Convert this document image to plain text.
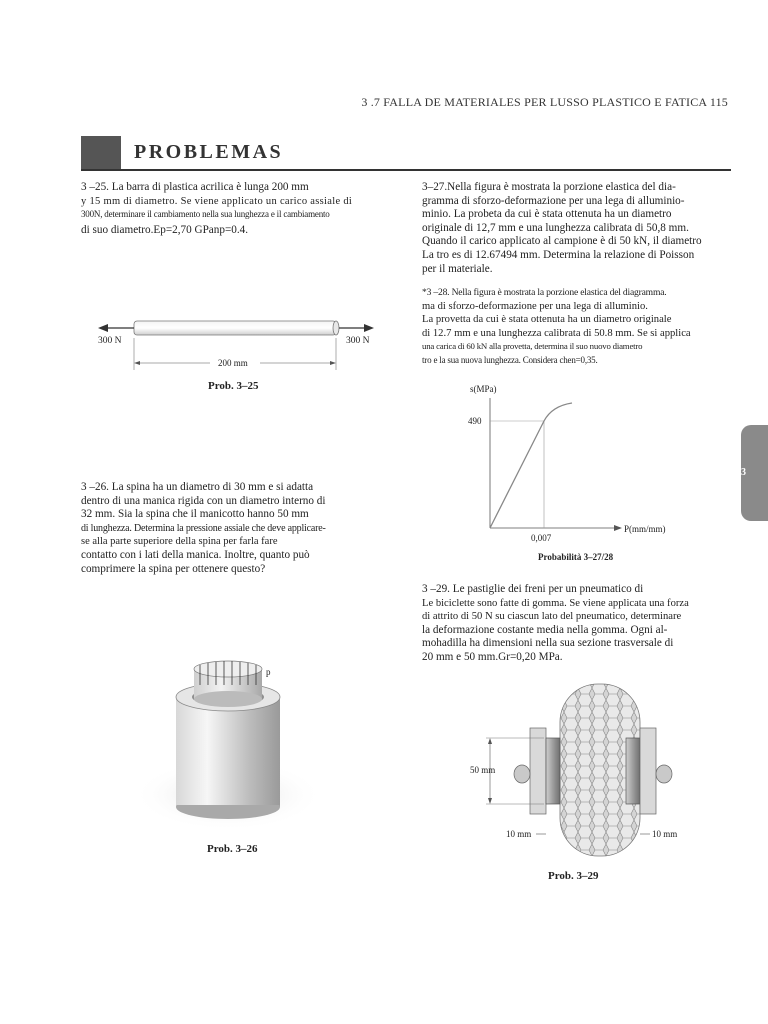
3 .7 FALLA DE MATERIALES PER LUSSO PLASTICO E FATICA 115
PROBLEMAS
3
3 –25. La barra di plastica acrilica è lunga 200 mm
y 15 mm di diametro. Se viene applicato un carico assiale di
300N, determinare il cambiamento nella sua lunghezza e il cambiamento
di suo diametro.Ep=2,70 GPanp=0.4.
300 N	300 N
200 mm
Prob. 3–25
3 –26. La spina ha un diametro di 30 mm e si adatta
dentro di una manica rigida con un diametro interno di
32 mm. Sia la spina che il manicotto hanno 50 mm
di lunghezza. Determina la pressione assiale che deve applicare-
se alla parte superiore della spina per farla fare
contatto con i lati della manica. Inoltre, quanto può
comprimere la spina per ottenere questo?
p
Prob. 3–26
3–27.Nella figura è mostrata la porzione elastica del dia-
gramma di sforzo-deformazione per una lega di alluminio-
minio. La probeta da cui è stata ottenuta ha un diametro
originale di 12,7 mm e una lunghezza calibrata di 50,8 mm.
Quando il carico applicato al campione è di 50 kN, il diametro
La tro es di 12.67494 mm. Determina la relazione di Poisson
per il materiale.
*3 –28. Nella figura è mostrata la porzione elastica del diagramma.
ma di sforzo-deformazione per una lega di alluminio.
La provetta da cui è stata ottenuta ha un diametro originale
di 12.7 mm e una lunghezza calibrata di 50.8 mm. Se si applica
una carica di 60 kN alla provetta, determina il suo nuovo diametro
tro e la sua nuova lunghezza. Considera chen=0,35.
s(MPa)
490
0,007
P(mm/mm)
Probabilità 3–27/28
3 –29. Le pastiglie dei freni per un pneumatico di
Le biciclette sono fatte di gomma. Se viene applicata una forza
di attrito di 50 N su ciascun lato del pneumatico, determinare
la deformazione costante media nella gomma. Ogni al-
mohadilla ha dimensioni nella sua sezione trasversale di
20 mm e 50 mm.Gr=0,20 MPa.
50 mm
10 mm	10 mm
Prob. 3–29
